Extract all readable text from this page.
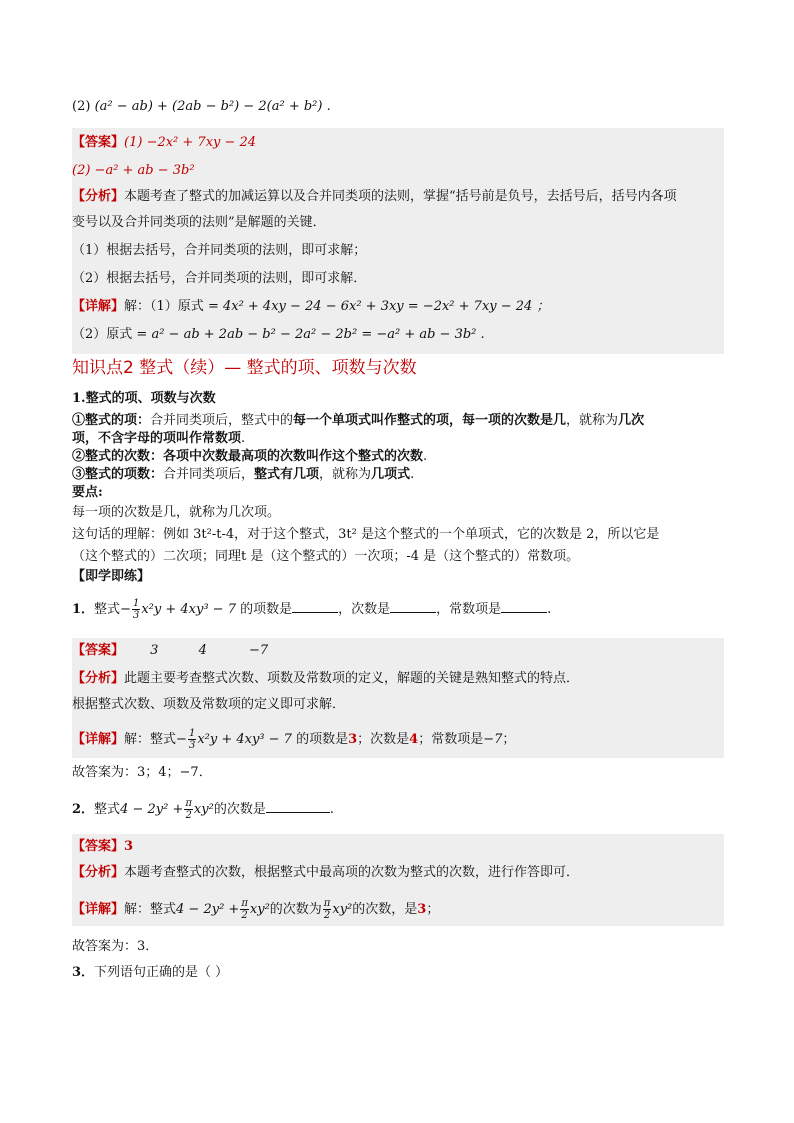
(2) (a² − ab) + (2ab − b²) − 2(a² + b²) .
【答案】(1) −2x² + 7xy − 24
(2) −a² + ab − 3b²
【分析】本题考查了整式的加减运算以及合并同类项的法则，掌握“括号前是负号，去括号后，括号内各项
变号以及合并同类项的法则”是解题的关键．
（1）根据去括号，合并同类项的法则，即可求解；
（2）根据去括号，合并同类项的法则，即可求解．
【详解】解：（1）原式 = 4x² + 4xy − 24 − 6x² + 3xy = −2x² + 7xy − 24 ；
（2）原式 = a² − ab + 2ab − b² − 2a² − 2b² = −a² + ab − 3b² .
知识点2 整式（续）— 整式的项、项数与次数
1.整式的项、项数与次数
①整式的项：合并同类项后，整式中的每一个单项式叫作整式的项，每一项的次数是几，就称为几次
项，不含字母的项叫作常数项.
②整式的次数：各项中次数最高项的次数叫作这个整式的次数.
③整式的项数：合并同类项后，整式有几项，就称为几项式.
要点:
每一项的次数是几，就称为几次项。
这句话的理解：例如 3t²-t-4，对于这个整式，3t² 是这个整式的一个单项式，它的次数是 2，所以它是
（这个整式的）二次项；同理t 是（这个整式的）一次项；-4 是（这个整式的）常数项。
【即学即练】
1．整式− $\frac{1}{3} x^2y + 4xy^3 - 7$ 的项数是	，次数是	，常数项是	.
【答案】 3	4	−7
【分析】此题主要考查整式次数、项数及常数项的定义，解题的关键是熟知整式的特点．
根据整式次数、项数及常数项的定义即可求解．
【详解】解：整式− $\frac{1}{3} x^2y + 4xy^3 - 7$ 的项数是3；次数是4；常数项是−7；
故答案为：3；4；−7．
2．整式$4 - 2y^2 + \frac{\pi}{2} xy^2$的次数是	.
【答案】3
【分析】本题考查整式的次数，根据整式中最高项的次数为整式的次数，进行作答即可．
【详解】解：整式$4 - 2y^2 + \frac{\pi}{2} xy^2$的次数为 $\frac{\pi}{2} xy^2$的次数，是3；
故答案为：3．
3．下列语句正确的是（ ）
